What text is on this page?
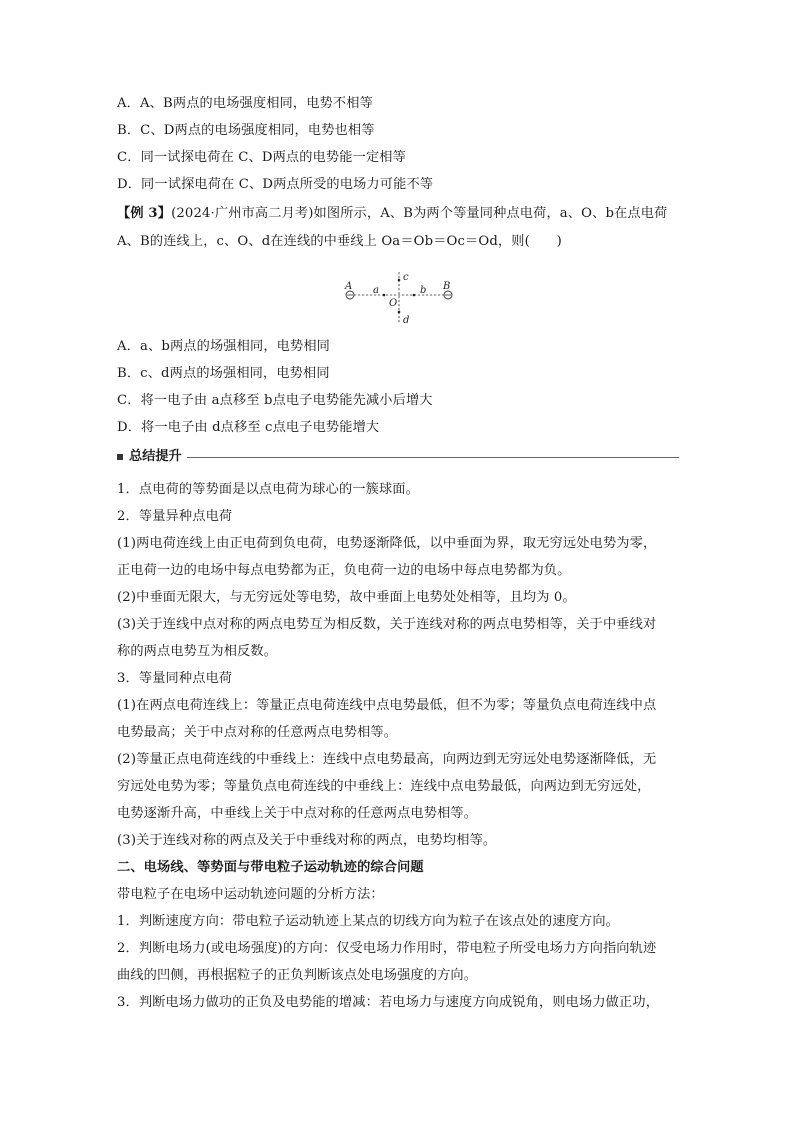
A．A、B两点的电场强度相同，电势不相等
B．C、D两点的电场强度相同，电势也相等
C．同一试探电荷在 C、D两点的电势能一定相等
D．同一试探电荷在 C、D两点所受的电场力可能不等
【例 3】(2024·广州市高二月考)如图所示，A、B为两个等量同种点电荷，a、O、b在点电荷
A、B的连线上，c、O、d在连线的中垂线上 Oa＝Ob＝Oc＝Od，则(　　)
A a
O
b B
c
d
A．a、b两点的场强相同，电势相同
B．c、d两点的场强相同，电势相同
C．将一电子由 a点移至 b点电子电势能先减小后增大
D．将一电子由 d点移至 c点电子电势能增大
总结提升
1．点电荷的等势面是以点电荷为球心的一簇球面。
2．等量异种点电荷
(1)两电荷连线上由正电荷到负电荷，电势逐渐降低，以中垂面为界，取无穷远处电势为零，
正电荷一边的电场中每点电势都为正，负电荷一边的电场中每点电势都为负。
(2)中垂面无限大，与无穷远处等电势，故中垂面上电势处处相等，且均为 0。
(3)关于连线中点对称的两点电势互为相反数，关于连线对称的两点电势相等，关于中垂线对
称的两点电势互为相反数。
3．等量同种点电荷
(1)在两点电荷连线上：等量正点电荷连线中点电势最低，但不为零；等量负点电荷连线中点
电势最高；关于中点对称的任意两点电势相等。
(2)等量正点电荷连线的中垂线上：连线中点电势最高，向两边到无穷远处电势逐渐降低，无
穷远处电势为零；等量负点电荷连线的中垂线上：连线中点电势最低，向两边到无穷远处，
电势逐渐升高，中垂线上关于中点对称的任意两点电势相等。
(3)关于连线对称的两点及关于中垂线对称的两点，电势均相等。
二、电场线、等势面与带电粒子运动轨迹的综合问题
带电粒子在电场中运动轨迹问题的分析方法：
1．判断速度方向：带电粒子运动轨迹上某点的切线方向为粒子在该点处的速度方向。
2．判断电场力(或电场强度)的方向：仅受电场力作用时，带电粒子所受电场力方向指向轨迹
曲线的凹侧，再根据粒子的正负判断该点处电场强度的方向。
3．判断电场力做功的正负及电势能的增减：若电场力与速度方向成锐角，则电场力做正功，
